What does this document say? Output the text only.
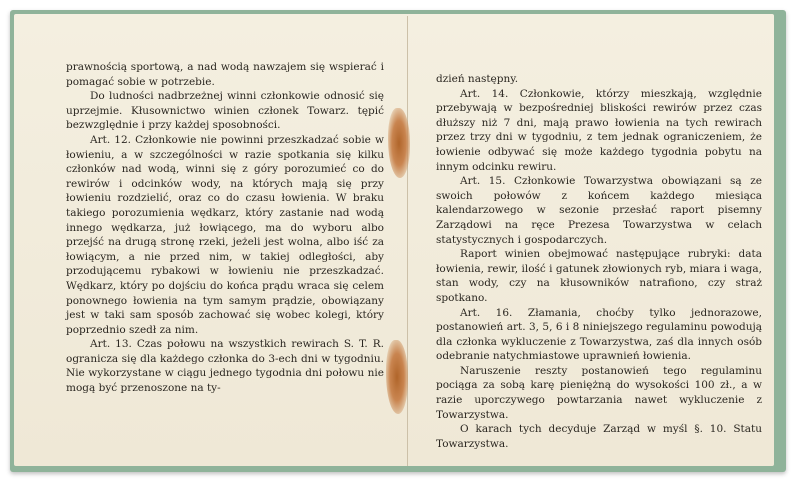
prawnością sportową, a nad wodą nawzajem się wspierać i pomagać sobie w potrzebie.

Do ludności nadbrzeżnej winni członkowie odnosić się uprzejmie. Kłusownictwo winien członek Towarz. tępić bezwzględnie i przy każdej sposobności.

Art. 12. Członkowie nie powinni przeszkadzać sobie w łowieniu, a w szczególności w razie spotkania się kilku członków nad wodą, winni się z góry porozumieć co do rewirów i odcinków wody, na których mają się przy łowieniu rozdzielić, oraz co do czasu łowienia. W braku takiego porozumienia wędkarz, który zastanie nad wodą innego wędkarza, już łowiącego, ma do wyboru albo przejść na drugą stronę rzeki, jeżeli jest wolna, albo iść za łowiącym, a nie przed nim, w takiej odległości, aby przodującemu rybakowi w łowieniu nie przeszkadzać. Wędkarz, który po dojściu do końca prądu wraca się celem ponownego łowienia na tym samym prądzie, obowiązany jest w taki sam sposób zachować się wobec kolegi, który poprzednio szedł za nim.

Art. 13. Czas połowu na wszystkich rewirach S. T. R. ogranicza się dla każdego członka do 3-ech dni w tygodniu. Nie wykorzystane w ciągu jednego tygodnia dni połowu nie mogą być przenoszone na ty-

dzień następny.

Art. 14. Członkowie, którzy mieszkają, względnie przebywają w bezpośredniej bliskości rewirów przez czas dłuższy niż 7 dni, mają prawo łowienia na tych rewirach przez trzy dni w tygodniu, z tem jednak ograniczeniem, że łowienie odbywać się może każdego tygodnia pobytu na innym odcinku rewiru.

Art. 15. Członkowie Towarzystwa obowiązani są ze swoich połowów z końcem każdego miesiąca kalendarzowego w sezonie przesłać raport pisemny Zarządowi na ręce Prezesa Towarzystwa w celach statystycznych i gospodarczych.

Raport winien obejmować następujące rubryki: data łowienia, rewir, ilość i gatunek złowionych ryb, miara i waga, stan wody, czy na kłusowników natrafiono, czy straż spotkano.

Art. 16. Złamania, choćby tylko jednorazowe, postanowień art. 3, 5, 6 i 8 niniejszego regulaminu powodują dla członka wykluczenie z Towarzystwa, zaś dla innych osób odebranie natychmiastowe uprawnień łowienia.

Naruszenie reszty postanowień tego regulaminu pociąga za sobą karę pieniężną do wysokości 100 zł., a w razie uporczywego powtarzania nawet wykluczenie z Towarzystwa.

O karach tych decyduje Zarząd w myśl §. 10. Statu Towarzystwa.
